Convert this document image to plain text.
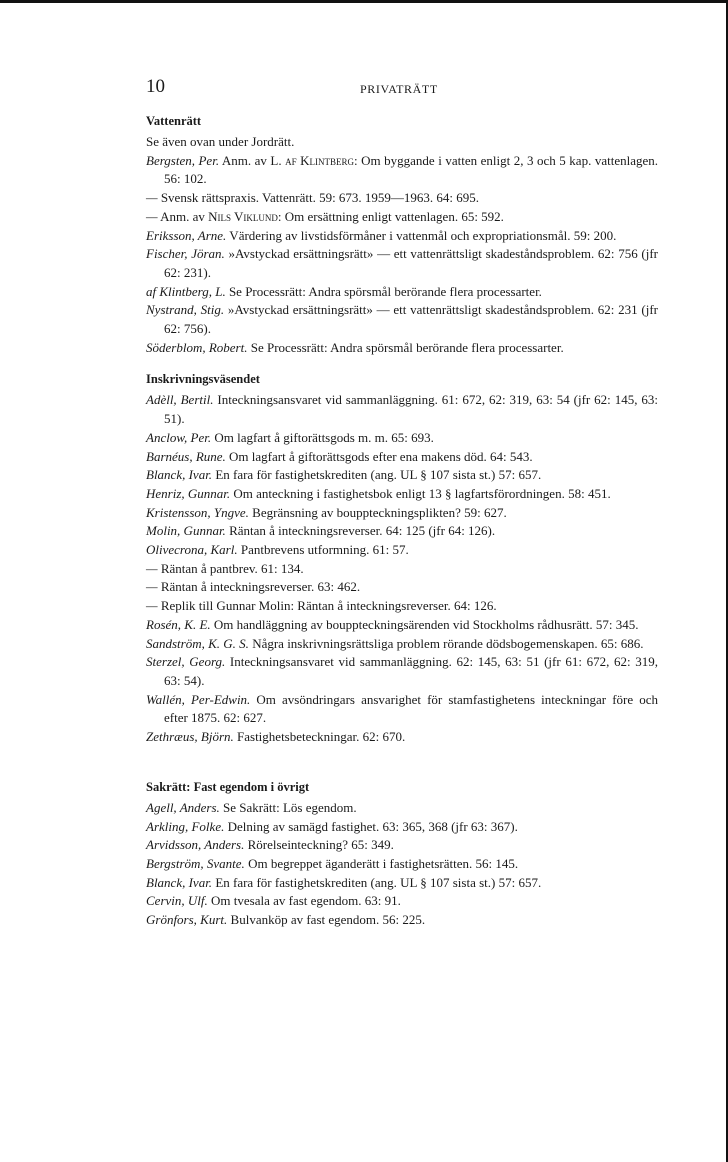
10	PRIVATRÄTT
Vattenrätt
Se även ovan under Jordrätt.
Bergsten, Per. Anm. av L. af Klintberg: Om byggande i vatten enligt 2, 3 och 5 kap. vattenlagen. 56: 102.
— Svensk rättspraxis. Vattenrätt. 59: 673. 1959—1963. 64: 695.
— Anm. av Nils Viklund: Om ersättning enligt vattenlagen. 65: 592.
Eriksson, Arne. Värdering av livstidsförmåner i vattenmål och expropriationsmål. 59: 200.
Fischer, Jöran. »Avstyckad ersättningsrätt» — ett vattenrättsligt skadeståndsproblem. 62: 756 (jfr 62: 231).
af Klintberg, L. Se Processrätt: Andra spörsmål berörande flera processarter.
Nystrand, Stig. »Avstyckad ersättningsrätt» — ett vattenrättsligt skadeståndsproblem. 62: 231 (jfr 62: 756).
Söderblom, Robert. Se Processrätt: Andra spörsmål berörande flera processarter.
Inskrivningsväsendet
Adèll, Bertil. Inteckningsansvaret vid sammanläggning. 61: 672, 62: 319, 63: 54 (jfr 62: 145, 63: 51).
Anclow, Per. Om lagfart å giftorättsgods m. m. 65: 693.
Barnéus, Rune. Om lagfart å giftorättsgods efter ena makens död. 64: 543.
Blanck, Ivar. En fara för fastighetskrediten (ang. UL § 107 sista st.) 57: 657.
Henriz, Gunnar. Om anteckning i fastighetsbok enligt 13 § lagfartsförordningen. 58: 451.
Kristensson, Yngve. Begränsning av bouppteckningsplikten? 59: 627.
Molin, Gunnar. Räntan å inteckningsreverser. 64: 125 (jfr 64: 126).
Olivecrona, Karl. Pantbrevens utformning. 61: 57.
— Räntan å pantbrev. 61: 134.
— Räntan å inteckningsreverser. 63: 462.
— Replik till Gunnar Molin: Räntan å inteckningsreverser. 64: 126.
Rosén, K. E. Om handläggning av bouppteckningsärenden vid Stockholms rådhusrätt. 57: 345.
Sandström, K. G. S. Några inskrivningsrättsliga problem rörande dödsbogemenskapen. 65: 686.
Sterzel, Georg. Inteckningsansvaret vid sammanläggning. 62: 145, 63: 51 (jfr 61: 672, 62: 319, 63: 54).
Wallén, Per-Edwin. Om avsöndringars ansvarighet för stamfastighetens inteckningar före och efter 1875. 62: 627.
Zethræus, Björn. Fastighetsbeteckningar. 62: 670.
Sakrätt: Fast egendom i övrigt
Agell, Anders. Se Sakrätt: Lös egendom.
Arkling, Folke. Delning av samägd fastighet. 63: 365, 368 (jfr 63: 367).
Arvidsson, Anders. Rörelseinteckning? 65: 349.
Bergström, Svante. Om begreppet äganderätt i fastighetsrätten. 56: 145.
Blanck, Ivar. En fara för fastighetskrediten (ang. UL § 107 sista st.) 57: 657.
Cervin, Ulf. Om tvesala av fast egendom. 63: 91.
Grönfors, Kurt. Bulvanköp av fast egendom. 56: 225.
